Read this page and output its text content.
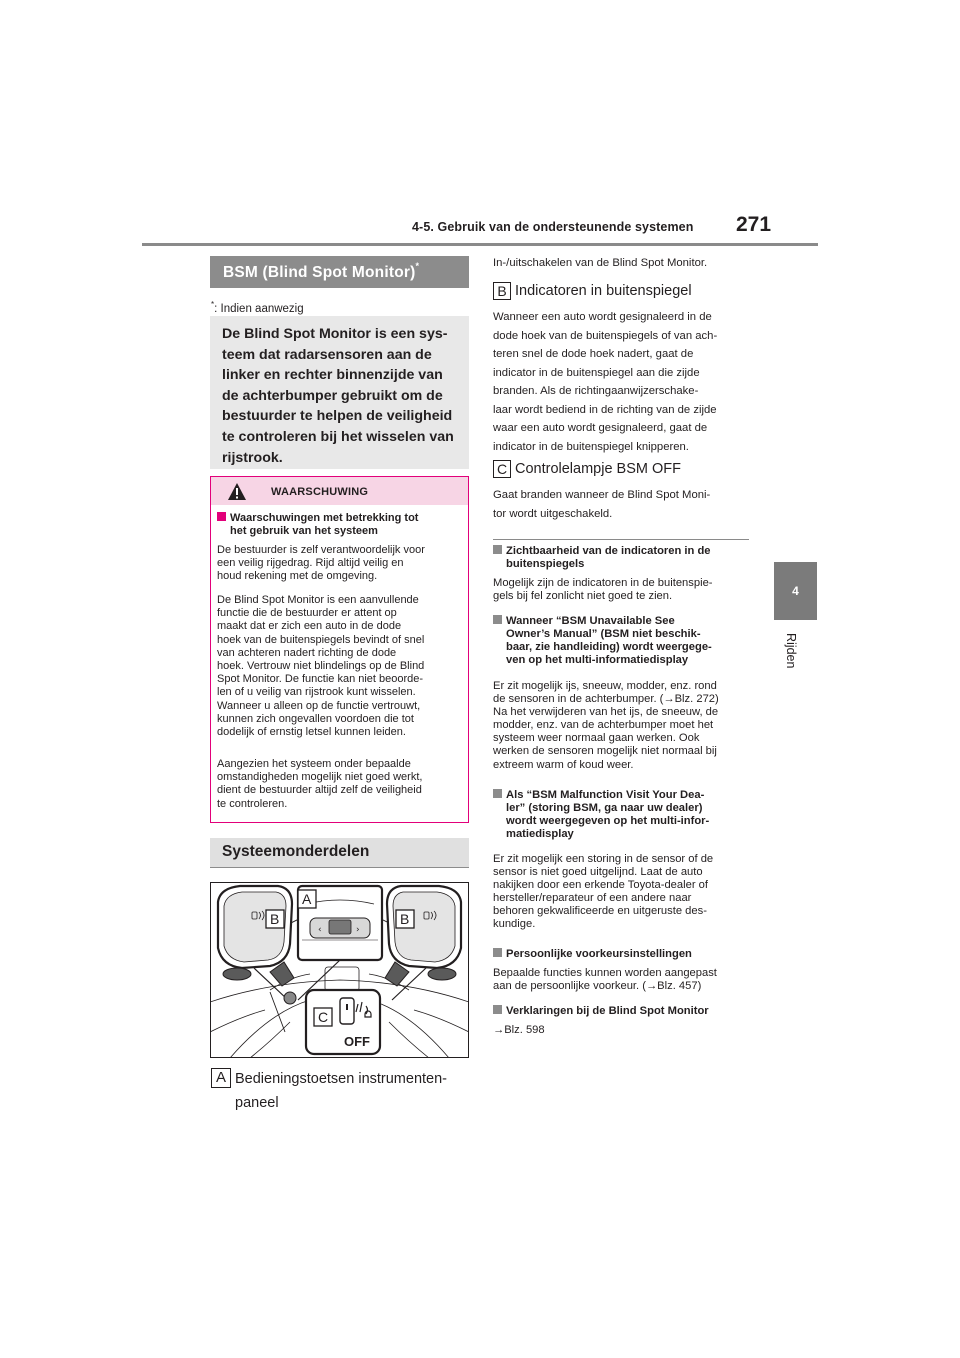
4-5. Gebruik van de ondersteunende systemen 271
4
Rijden
BSM (Blind Spot Monitor)*
*: Indien aanwezig
De Blind Spot Monitor is een sys-
teem dat radarsensoren aan de
linker en rechter binnenzijde van
de achterbumper gebruikt om de
bestuurder te helpen de veiligheid
te controleren bij het wisselen van
rijstrook.
WAARSCHUWING
Waarschuwingen met betrekking tot
het gebruik van het systeem
De bestuurder is zelf verantwoordelijk voor
een veilig rijgedrag. Rijd altijd veilig en
houd rekening met de omgeving.
De Blind Spot Monitor is een aanvullende
functie die de bestuurder er attent op
maakt dat er zich een auto in de dode
hoek van de buitenspiegels bevindt of snel
van achteren nadert richting de dode
hoek. Vertrouw niet blindelings op de Blind
Spot Monitor. De functie kan niet beoorde-
len of u veilig van rijstrook kunt wisselen.
Wanneer u alleen op de functie vertrouwt,
kunnen zich ongevallen voordoen die tot
dodelijk of ernstig letsel kunnen leiden.
Aangezien het systeem onder bepaalde
omstandigheden mogelijk niet goed werkt,
dient de bestuurder altijd zelf de veiligheid
te controleren.
Systeemonderdelen
‹	›
A
B	B
C
OFF
A Bedieningstoetsen instrumenten-
paneel
In-/uitschakelen van de Blind Spot Monitor.
B Indicatoren in buitenspiegel
Wanneer een auto wordt gesignaleerd in de
dode hoek van de buitenspiegels of van ach-
teren snel de dode hoek nadert, gaat de
indicator in de buitenspiegel aan die zijde
branden. Als de richtingaanwijzerschake-
laar wordt bediend in de richting van de zijde
waar een auto wordt gesignaleerd, gaat de
indicator in de buitenspiegel knipperen.
C Controlelampje BSM OFF
Gaat branden wanneer de Blind Spot Moni-
tor wordt uitgeschakeld.
Zichtbaarheid van de indicatoren in de
buitenspiegels
Mogelijk zijn de indicatoren in de buitenspie-
gels bij fel zonlicht niet goed te zien.
Wanneer “BSM Unavailable See
Owner’s Manual” (BSM niet beschik-
baar, zie handleiding) wordt weergege-
ven op het multi-informatiedisplay
Er zit mogelijk ijs, sneeuw, modder, enz. rond
de sensoren in de achterbumper. (→Blz. 272)
Na het verwijderen van het ijs, de sneeuw, de
modder, enz. van de achterbumper moet het
systeem weer normaal gaan werken. Ook
werken de sensoren mogelijk niet normaal bij
extreem warm of koud weer.
Als “BSM Malfunction Visit Your Dea-
ler” (storing BSM, ga naar uw dealer)
wordt weergegeven op het multi-infor-
matiedisplay
Er zit mogelijk een storing in de sensor of de
sensor is niet goed uitgelijnd. Laat de auto
nakijken door een erkende Toyota-dealer of
hersteller/reparateur of een andere naar
behoren gekwalificeerde en uitgeruste des-
kundige.
Persoonlijke voorkeursinstellingen
Bepaalde functies kunnen worden aangepast
aan de persoonlijke voorkeur. (→Blz. 457)
Verklaringen bij de Blind Spot Monitor
→Blz. 598
